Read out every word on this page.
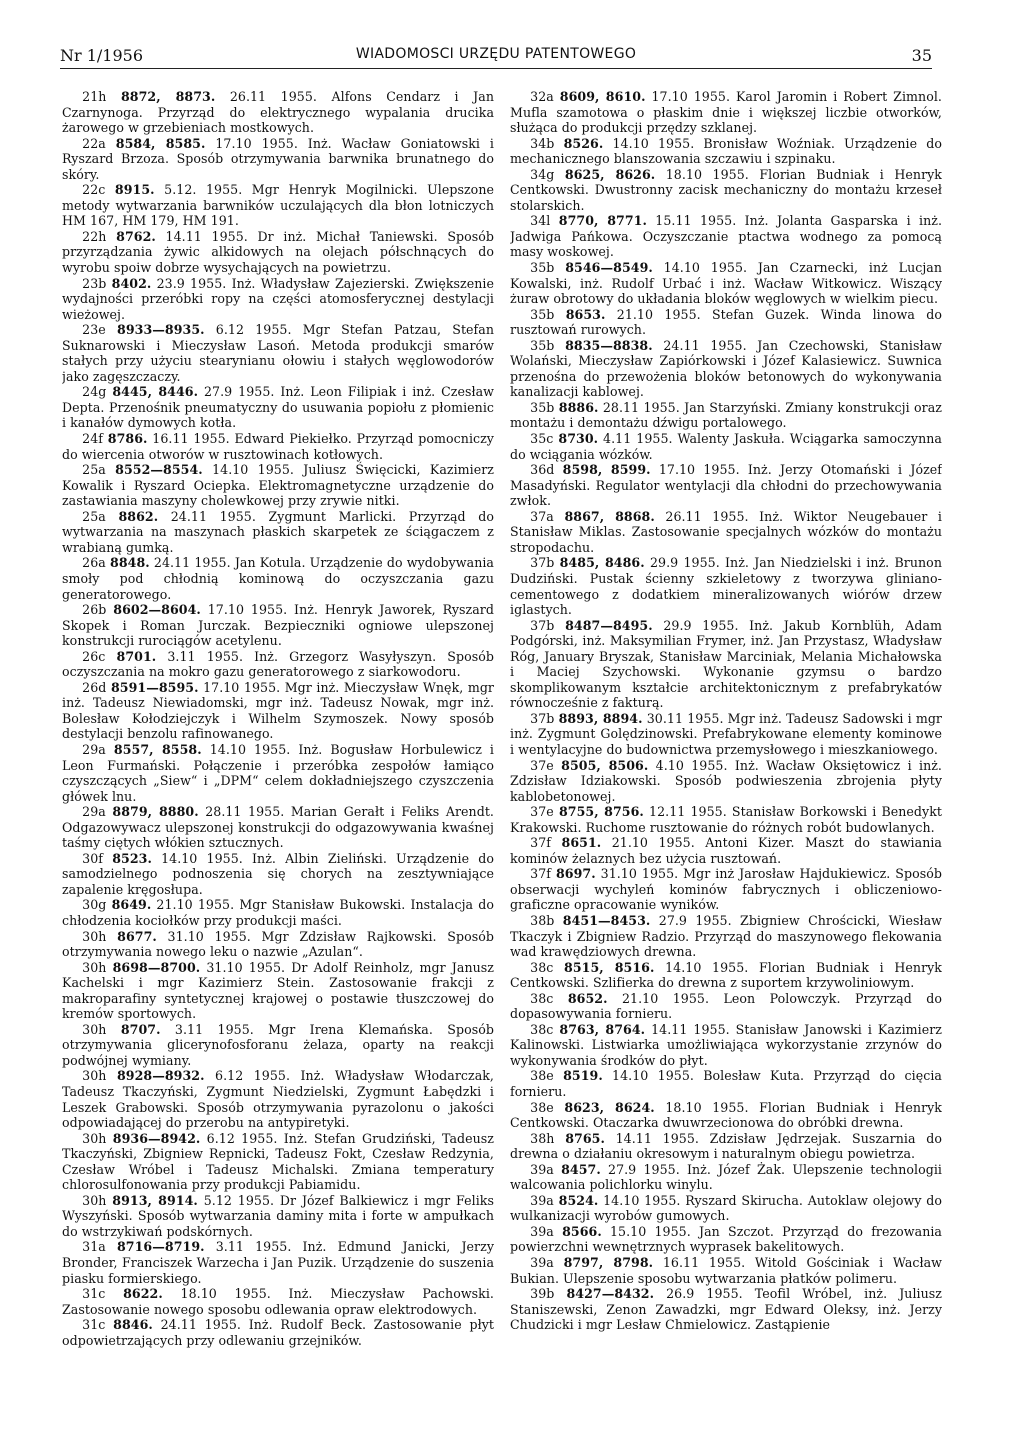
Nr 1/1956	WIADOMOSCI URZĘDU PATENTOWEGO	35

21h 8872, 8873. 26.11 1955. Alfons Cendarz i Jan Czarnynoga. Przyrząd do elektrycznego wypalania drucika żarowego w grzebieniach mostkowych.

22a 8584, 8585. 17.10 1955. Inż. Wacław Goniatowski i Ryszard Brzoza. Sposób otrzymywania barwnika brunatnego do skóry.

22c 8915. 5.12. 1955. Mgr Henryk Mogilnicki. Ulepszone metody wytwarzania barwników uczulających dla błon lotniczych HM 167, HM 179, HM 191.

22h 8762. 14.11 1955. Dr inż. Michał Taniewski. Sposób przyrządzania żywic alkidowych na olejach półschnących do wyrobu spoiw dobrze wysychających na powietrzu.

23b 8402. 23.9 1955. Inż. Władysław Zajezierski. Zwiększenie wydajności przeróbki ropy na części atomosferycznej destylacji wieżowej.

23e 8933—8935. 6.12 1955. Mgr Stefan Patzau, Stefan Suknarowski i Mieczysław Lasoń. Metoda produkcji smarów stałych przy użyciu stearynianu ołowiu i stałych węglowodorów jako zagęszczaczy.

24g 8445, 8446. 27.9 1955. Inż. Leon Filipiak i inż. Czesław Depta. Przenośnik pneumatyczny do usuwania popiołu z płomienic i kanałów dymowych kotła.

24f 8786. 16.11 1955. Edward Piekiełko. Przyrząd pomocniczy do wiercenia otworów w rusztowinach kotłowych.

25a 8552—8554. 14.10 1955. Juliusz Święcicki, Kazimierz Kowalik i Ryszard Ociepka. Elektromagnetyczne urządzenie do zastawiania maszyny cholewkowej przy zrywie nitki.

25a 8862. 24.11 1955. Zygmunt Marlicki. Przyrząd do wytwarzania na maszynach płaskich skarpetek ze ściągaczem z wrabianą gumką.

26a 8848. 24.11 1955. Jan Kotula. Urządzenie do wydobywania smoły pod chłodnią kominową do oczyszczania gazu generatorowego.

26b 8602—8604. 17.10 1955. Inż. Henryk Jaworek, Ryszard Skopek i Roman Jurczak. Bezpieczniki ogniowe ulepszonej konstrukcji rurociągów acetylenu.

26c 8701. 3.11 1955. Inż. Grzegorz Wasyłyszyn. Sposób oczyszczania na mokro gazu generatorowego z siarkowodoru.

26d 8591—8595. 17.10 1955. Mgr inż. Mieczysław Wnęk, mgr inż. Tadeusz Niewiadomski, mgr inż. Tadeusz Nowak, mgr inż. Bolesław Kołodziejczyk i Wilhelm Szymoszek. Nowy sposób destylacji benzolu rafinowanego.

29a 8557, 8558. 14.10 1955. Inż. Bogusław Horbulewicz i Leon Furmański. Połączenie i przeróbka zespołów łamiąco czyszczących „Siew“ i „DPM“ celem dokładniejszego czyszczenia główek lnu.

29a 8879, 8880. 28.11 1955. Marian Gerałt i Feliks Arendt. Odgazowywacz ulepszonej konstrukcji do odgazowywania kwaśnej taśmy ciętych włókien sztucznych.

30f 8523. 14.10 1955. Inż. Albin Zieliński. Urządzenie do samodzielnego podnoszenia się chorych na zesztywniające zapalenie kręgosłupa.

30g 8649. 21.10 1955. Mgr Stanisław Bukowski. Instalacja do chłodzenia kociołków przy produkcji maści.

30h 8677. 31.10 1955. Mgr Zdzisław Rajkowski. Sposób otrzymywania nowego leku o nazwie „Azulan“.

30h 8698—8700. 31.10 1955. Dr Adolf Reinholz, mgr Janusz Kachelski i mgr Kazimierz Stein. Zastosowanie frakcji z makroparafiny syntetycznej krajowej o postawie tłuszczowej do kremów sportowych.

30h 8707. 3.11 1955. Mgr Irena Klemańska. Sposób otrzymywania glicerynofosforanu żelaza, oparty na reakcji podwójnej wymiany.

30h 8928—8932. 6.12 1955. Inż. Władysław Włodarczak, Tadeusz Tkaczyński, Zygmunt Niedzielski, Zygmunt Łabędzki i Leszek Grabowski. Sposób otrzymywania pyrazolonu o jakości odpowiadającej do przerobu na antypiretyki.

30h 8936—8942. 6.12 1955. Inż. Stefan Grudziński, Tadeusz Tkaczyński, Zbigniew Repnicki, Tadeusz Fokt, Czesław Redzynia, Czesław Wróbel i Tadeusz Michalski. Zmiana temperatury chlorosulfonowania przy produkcji Pabiamidu.

30h 8913, 8914. 5.12 1955. Dr Józef Balkiewicz i mgr Feliks Wyszyński. Sposób wytwarzania daminy mita i forte w ampułkach do wstrzykiwań podskórnych.

31a 8716—8719. 3.11 1955. Inż. Edmund Janicki, Jerzy Bronder, Franciszek Warzecha i Jan Puzik. Urządzenie do suszenia piasku formierskiego.

31c 8622. 18.10 1955. Inż. Mieczysław Pachowski. Zastosowanie nowego sposobu odlewania opraw elektrodowych.

31c 8846. 24.11 1955. Inż. Rudolf Beck. Zastosowanie płyt odpowietrzających przy odlewaniu grzejników.

32a 8609, 8610. 17.10 1955. Karol Jaromin i Robert Zimnol. Mufla szamotowa o płaskim dnie i większej liczbie otworków, służąca do produkcji przędzy szklanej.

34b 8526. 14.10 1955. Bronisław Woźniak. Urządzenie do mechanicznego blanszowania szczawiu i szpinaku.

34g 8625, 8626. 18.10 1955. Florian Budniak i Henryk Centkowski. Dwustronny zacisk mechaniczny do montażu krzeseł stolarskich.

34l 8770, 8771. 15.11 1955. Inż. Jolanta Gasparska i inż. Jadwiga Pańkowa. Oczyszczanie ptactwa wodnego za pomocą masy woskowej.

35b 8546—8549. 14.10 1955. Jan Czarnecki, inż Lucjan Kowalski, inż. Rudolf Urbać i inż. Wacław Witkowicz. Wiszący żuraw obrotowy do układania bloków węglowych w wielkim piecu.

35b 8653. 21.10 1955. Stefan Guzek. Winda linowa do rusztowań rurowych.

35b 8835—8838. 24.11 1955. Jan Czechowski, Stanisław Wolański, Mieczysław Zapiórkowski i Józef Kalasiewicz. Suwnica przenośna do przewożenia bloków betonowych do wykonywania kanalizacji kablowej.

35b 8886. 28.11 1955. Jan Starzyński. Zmiany konstrukcji oraz montażu i demontażu dźwigu portalowego.

35c 8730. 4.11 1955. Walenty Jaskuła. Wciągarka samoczynna do wciągania wózków.

36d 8598, 8599. 17.10 1955. Inż. Jerzy Otomański i Józef Masadyński. Regulator wentylacji dla chłodni do przechowywania zwłok.

37a 8867, 8868. 26.11 1955. Inż. Wiktor Neugebauer i Stanisław Miklas. Zastosowanie specjalnych wózków do montażu stropodachu.

37b 8485, 8486. 29.9 1955. Inż. Jan Niedzielski i inż. Brunon Dudziński. Pustak ścienny szkieletowy z tworzywa gliniano-cementowego z dodatkiem mineralizowanych wiórów drzew iglastych.

37b 8487—8495. 29.9 1955. Inż. Jakub Kornblüh, Adam Podgórski, inż. Maksymilian Frymer, inż. Jan Przystasz, Władysław Róg, January Bryszak, Stanisław Marciniak, Melania Michałowska i Maciej Szychowski. Wykonanie gzymsu o bardzo skomplikowanym kształcie architektonicznym z prefabrykatów równocześnie z fakturą.

37b 8893, 8894. 30.11 1955. Mgr inż. Tadeusz Sadowski i mgr inż. Zygmunt Golędzinowski. Prefabrykowane elementy kominowe i wentylacyjne do budownictwa przemysłowego i mieszkaniowego.

37e 8505, 8506. 4.10 1955. Inż. Wacław Oksiętowicz i inż. Zdzisław Idziakowski. Sposób podwieszenia zbrojenia płyty kablobetonowej.

37e 8755, 8756. 12.11 1955. Stanisław Borkowski i Benedykt Krakowski. Ruchome rusztowanie do różnych robót budowlanych.

37f 8651. 21.10 1955. Antoni Kizer. Maszt do stawiania kominów żelaznych bez użycia rusztowań.

37f 8697. 31.10 1955. Mgr inż Jarosław Hajdukiewicz. Sposób obserwacji wychyleń kominów fabrycznych i obliczeniowo-graficzne opracowanie wyników.

38b 8451—8453. 27.9 1955. Zbigniew Chrościcki, Wiesław Tkaczyk i Zbigniew Radzio. Przyrząd do maszynowego flekowania wad krawędziowych drewna.

38c 8515, 8516. 14.10 1955. Florian Budniak i Henryk Centkowski. Szlifierka do drewna z suportem krzywoliniowym.

38c 8652. 21.10 1955. Leon Polowczyk. Przyrząd do dopasowywania fornieru.

38c 8763, 8764. 14.11 1955. Stanisław Janowski i Kazimierz Kalinowski. Listwiarka umożliwiająca wykorzystanie zrzynów do wykonywania środków do płyt.

38e 8519. 14.10 1955. Bolesław Kuta. Przyrząd do cięcia fornieru.

38e 8623, 8624. 18.10 1955. Florian Budniak i Henryk Centkowski. Otaczarka dwuwrzecionowa do obróbki drewna.

38h 8765. 14.11 1955. Zdzisław Jędrzejak. Suszarnia do drewna o działaniu okresowym i naturalnym obiegu powietrza.

39a 8457. 27.9 1955. Inż. Józef Żak. Ulepszenie technologii walcowania polichlorku winylu.

39a 8524. 14.10 1955. Ryszard Skirucha. Autoklaw olejowy do wulkanizacji wyrobów gumowych.

39a 8566. 15.10 1955. Jan Szczot. Przyrząd do frezowania powierzchni wewnętrznych wyprasek bakelitowych.

39a 8797, 8798. 16.11 1955. Witold Gościniak i Wacław Bukian. Ulepszenie sposobu wytwarzania płatków polimeru.

39b 8427—8432. 26.9 1955. Teofil Wróbel, inż. Juliusz Staniszewski, Zenon Zawadzki, mgr Edward Oleksy, inż. Jerzy Chudzicki i mgr Lesław Chmielowicz. Zastąpienie
